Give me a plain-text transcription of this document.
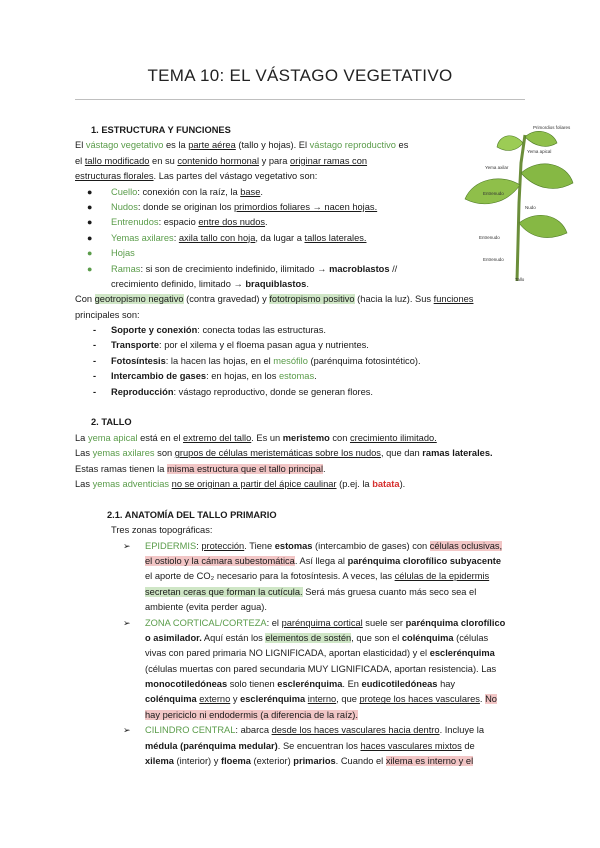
TEMA 10: EL VÁSTAGO VEGETATIVO
Primordios foliares
Yema axilar
Yema apical
Entrenudo
Nudo
Entrenudo
Entrenudo
Tallo
1. ESTRUCTURA Y FUNCIONES
El vástago vegetativo es la parte aérea (tallo y hojas). El vástago reproductivo es
el tallo modificado en su contenido hormonal y para originar ramas con
estructuras florales. Las partes del vástago vegetativo son:
● Cuello: conexión con la raíz, la base.
● Nudos: donde se originan los primordios foliares → nacen hojas.
● Entrenudos: espacio entre dos nudos.
● Yemas axilares: axila tallo con hoja, da lugar a tallos laterales.
● Hojas
● Ramas: si son de crecimiento indefinido, ilimitado → macroblastos //
crecimiento definido, limitado → braquiblastos.
Con geotropismo negativo (contra gravedad) y fototropismo positivo (hacia la luz). Sus funciones
principales son:
- Soporte y conexión: conecta todas las estructuras.
- Transporte: por el xilema y el floema pasan agua y nutrientes.
- Fotosíntesis: la hacen las hojas, en el mesófilo (parénquima fotosintético).
- Intercambio de gases: en hojas, en los estomas.
- Reproducción: vástago reproductivo, donde se generan flores.
2. TALLO
La yema apical está en el extremo del tallo. Es un meristemo con crecimiento ilimitado.
Las yemas axilares son grupos de células meristemáticas sobre los nudos, que dan ramas laterales.
Estas ramas tienen la misma estructura que el tallo principal.
Las yemas adventicias no se originan a partir del ápice caulinar (p.ej. la batata).
2.1. ANATOMÍA DEL TALLO PRIMARIO
Tres zonas topográficas:
➢ EPIDERMIS: protección. Tiene estomas (intercambio de gases) con células oclusivas,
el ostiolo y la cámara subestomática. Así llega al parénquima clorofílico subyacente
el aporte de CO₂ necesario para la fotosíntesis. A veces, las células de la epidermis
secretan ceras que forman la cutícula. Será más gruesa cuanto más seco sea el
ambiente (evita perder agua).
➢ ZONA CORTICAL/CORTEZA: el parénquima cortical suele ser parénquima clorofílico
o asimilador. Aquí están los elementos de sostén, que son el colénquima (células
vivas con pared primaria NO LIGNIFICADA, aportan elasticidad) y el esclerénquima
(células muertas con pared secundaria MUY LIGNIFICADA, aportan resistencia). Las
monocotiledóneas solo tienen esclerénquima. En eudicotiledóneas hay
colénquima externo y esclerénquima interno, que protege los haces vasculares. No
hay periciclo ni endodermis (a diferencia de la raíz).
➢ CILINDRO CENTRAL: abarca desde los haces vasculares hacia dentro. Incluye la
médula (parénquima medular). Se encuentran los haces vasculares mixtos de
xilema (interior) y floema (exterior) primarios. Cuando el xilema es interno y el
